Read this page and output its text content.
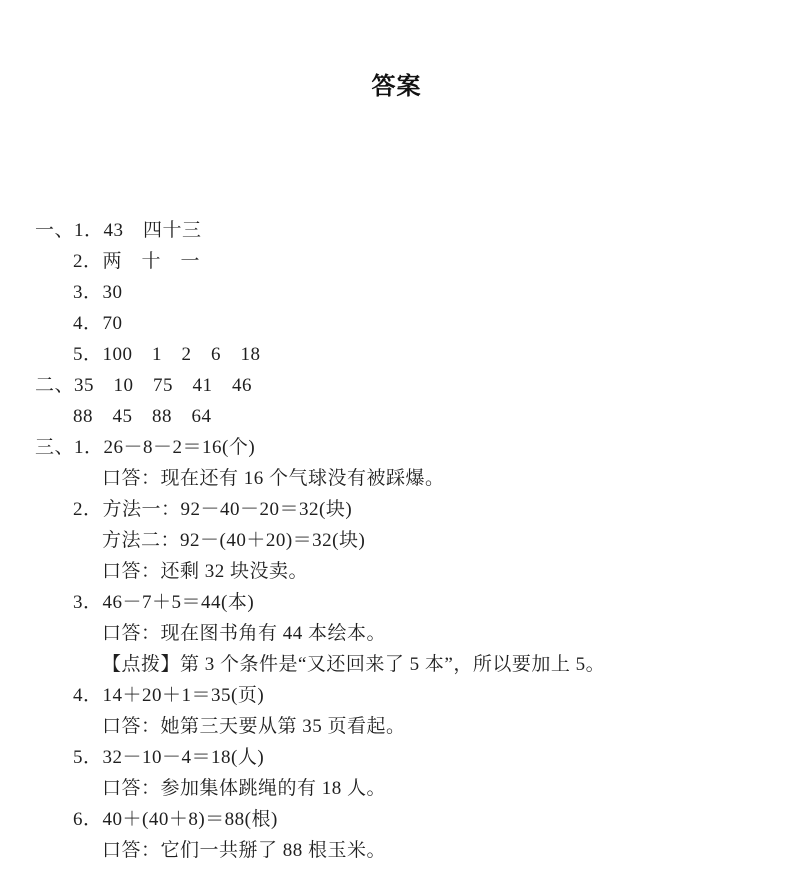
答案
一、1．43　四十三
2．两　十　一
3．30
4．70
5．100　1　2　6　18
二、35　10　75　41　46
88　45　88　64
三、1．26－8－2＝16(个)
口答：现在还有 16 个气球没有被踩爆。
2．方法一：92－40－20＝32(块)
方法二：92－(40＋20)＝32(块)
口答：还剩 32 块没卖。
3．46－7＋5＝44(本)
口答：现在图书角有 44 本绘本。
【点拨】第 3 个条件是“又还回来了 5 本”，所以要加上 5。
4．14＋20＋1＝35(页)
口答：她第三天要从第 35 页看起。
5．32－10－4＝18(人)
口答：参加集体跳绳的有 18 人。
6．40＋(40＋8)＝88(根)
口答：它们一共掰了 88 根玉米。
